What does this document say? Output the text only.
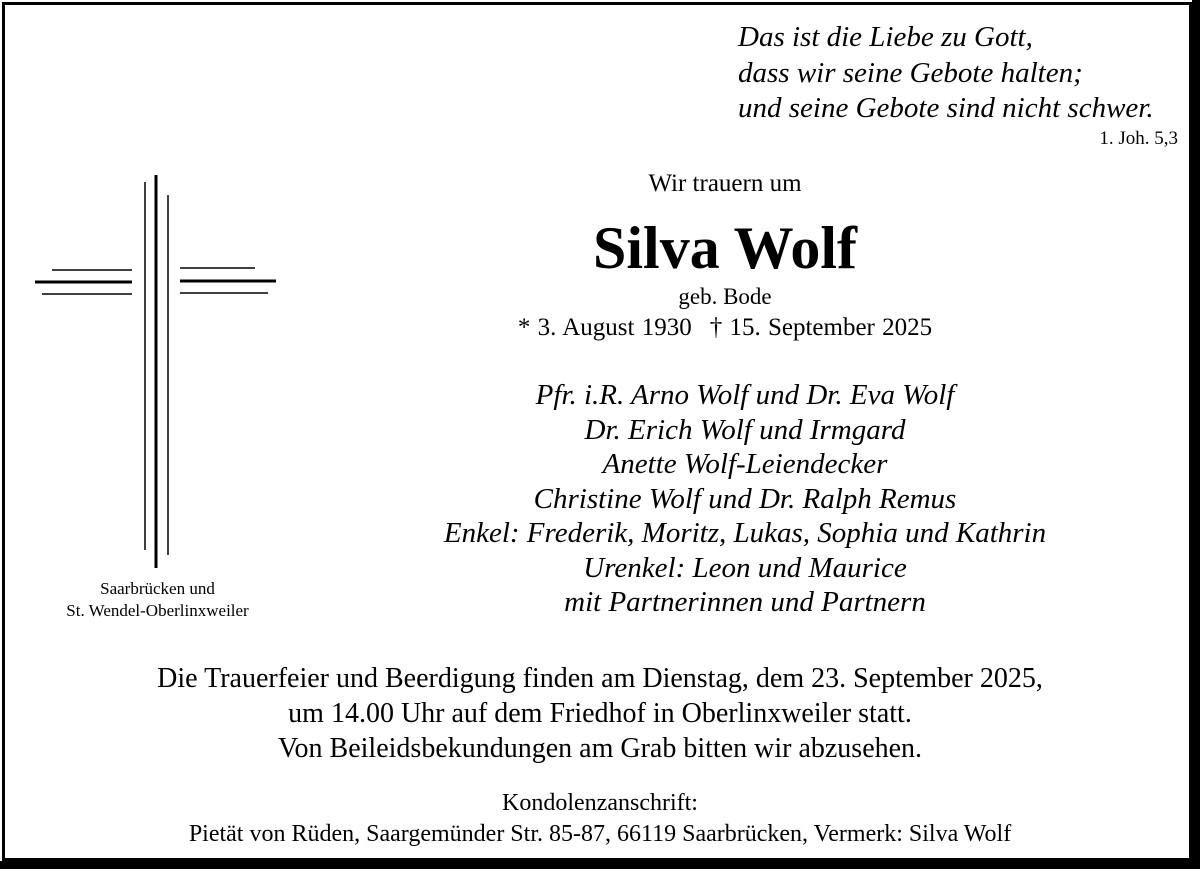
Das ist die Liebe zu Gott,
dass wir seine Gebote halten;
und seine Gebote sind nicht schwer.
1. Joh. 5,3
Saarbrücken und
St. Wendel-Oberlinxweiler
Wir trauern um
Silva Wolf
geb. Bode
* 3. August 1930 † 15. September 2025
Pfr. i.R. Arno Wolf und Dr. Eva Wolf
Dr. Erich Wolf und Irmgard
Anette Wolf-Leiendecker
Christine Wolf und Dr. Ralph Remus
Enkel: Frederik, Moritz, Lukas, Sophia und Kathrin
Urenkel: Leon und Maurice
mit Partnerinnen und Partnern
Die Trauerfeier und Beerdigung finden am Dienstag, dem 23. September 2025,
um 14.00 Uhr auf dem Friedhof in Oberlinxweiler statt.
Von Beileidsbekundungen am Grab bitten wir abzusehen.
Kondolenzanschrift:
Pietät von Rüden, Saargemünder Str. 85-87, 66119 Saarbrücken, Vermerk: Silva Wolf
